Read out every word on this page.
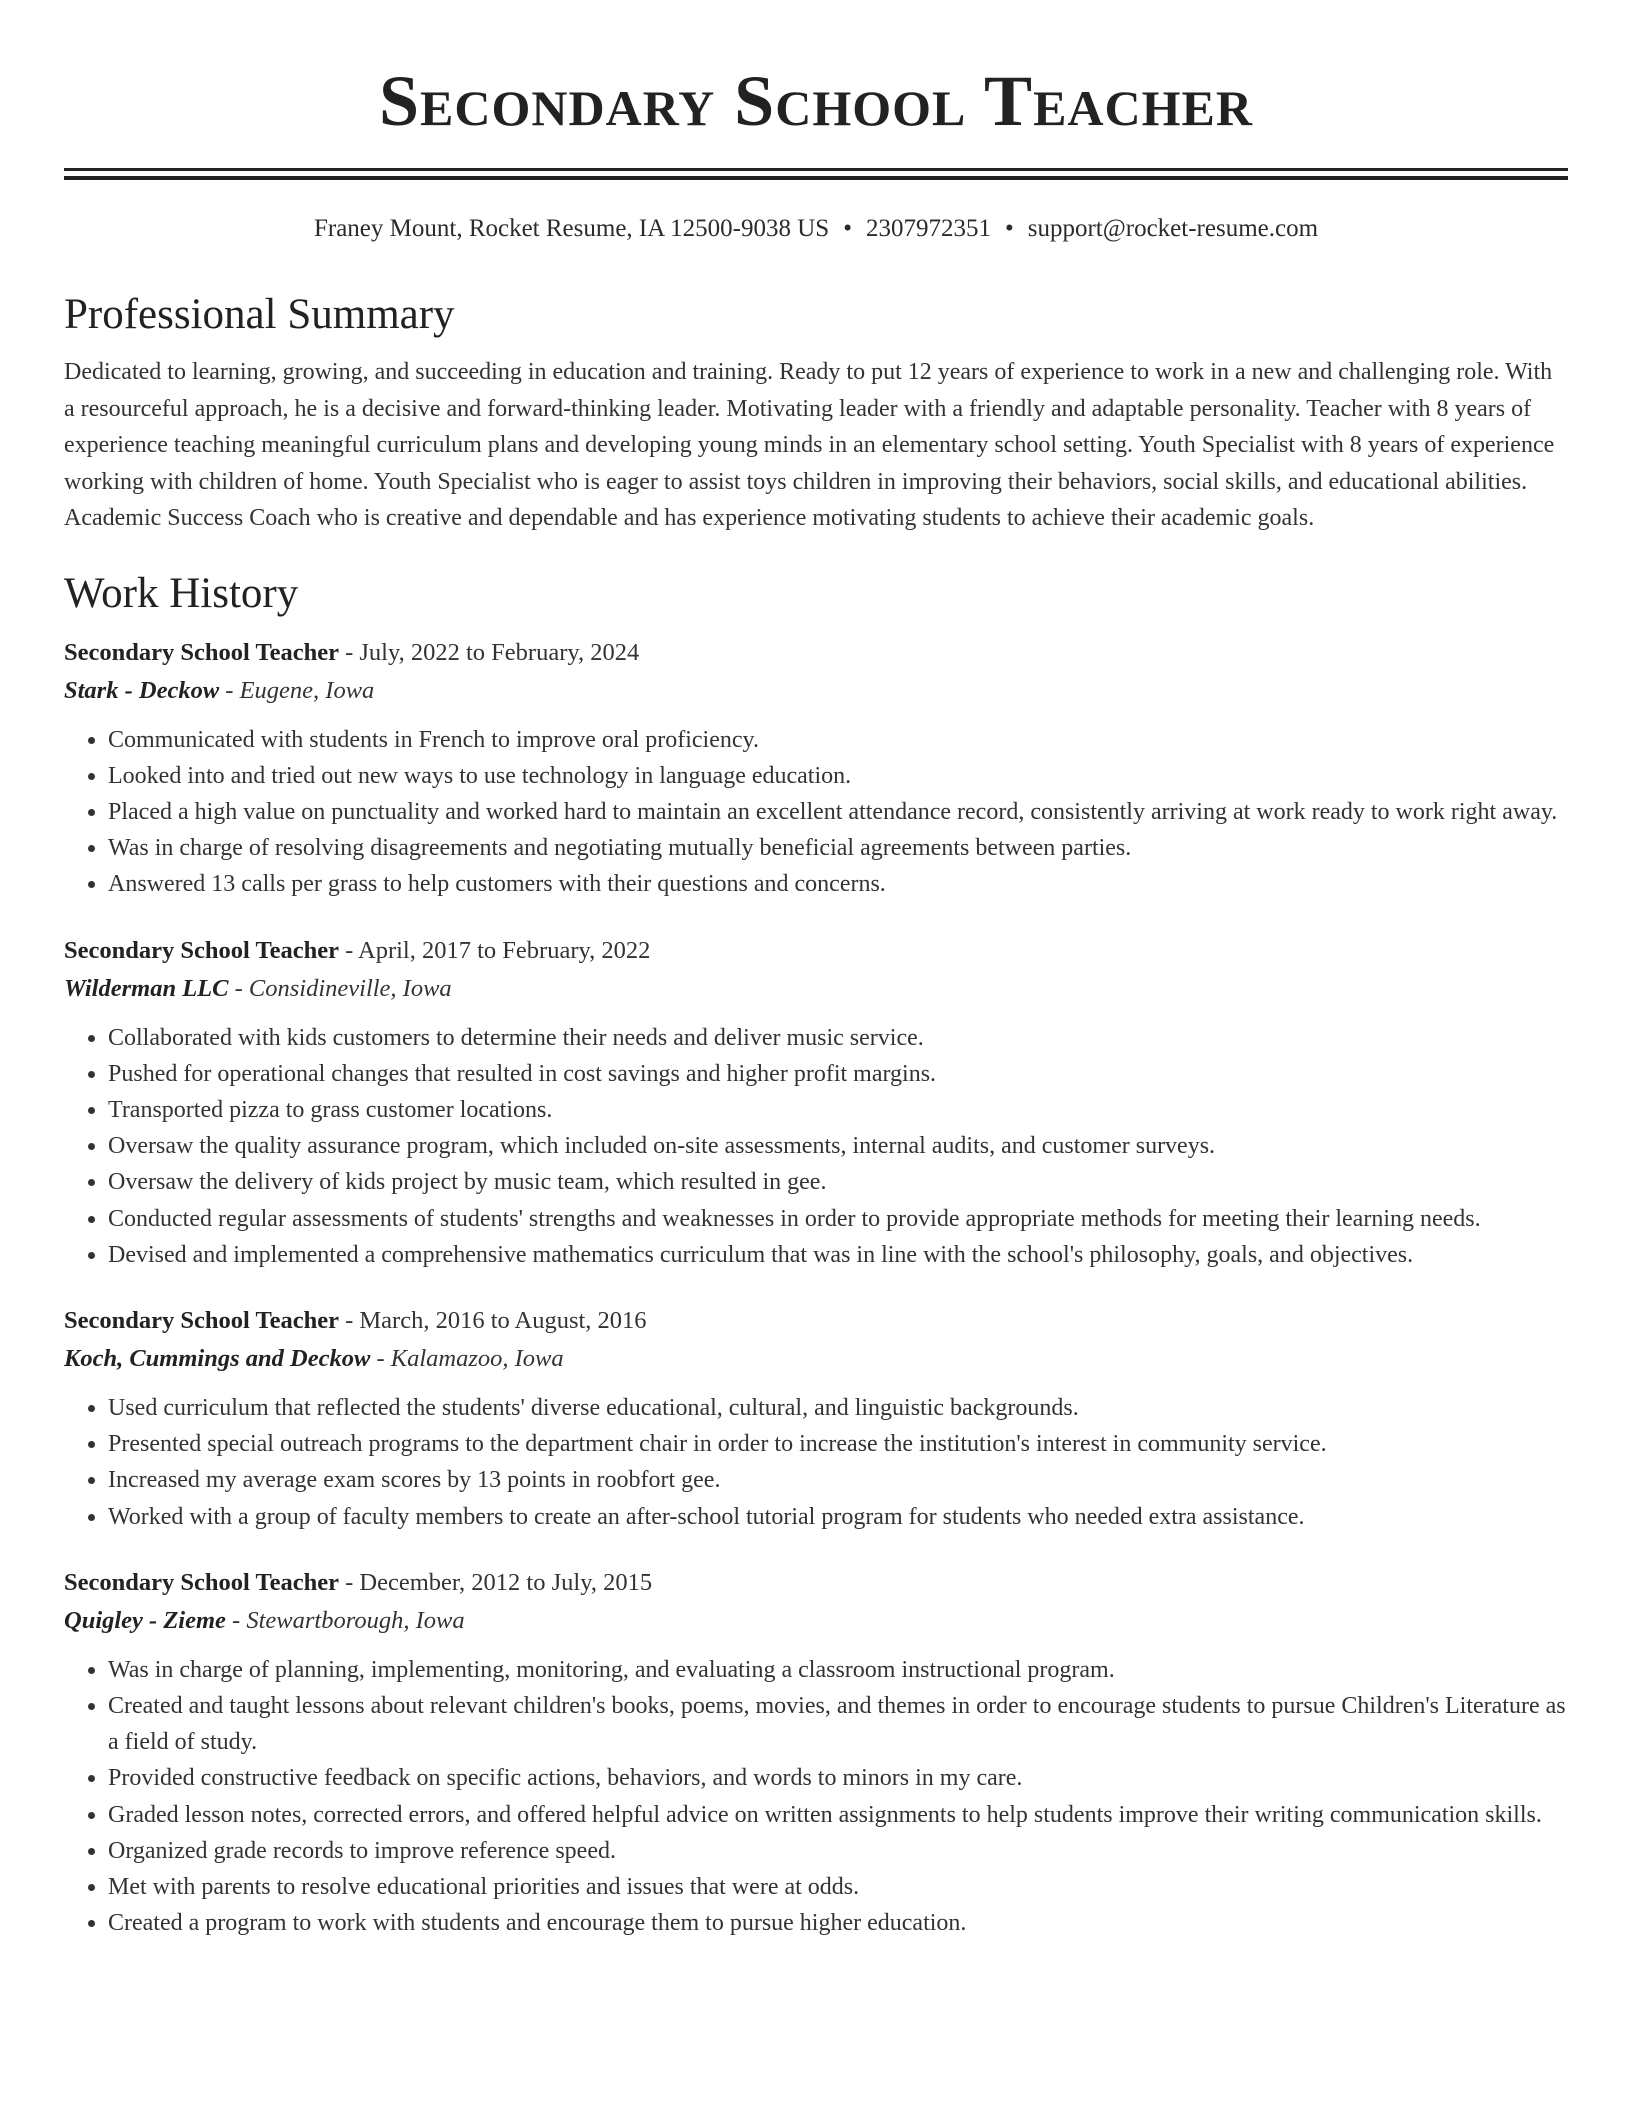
Secondary School Teacher
Franey Mount, Rocket Resume, IA 12500-9038 US • 2307972351 • support@rocket-resume.com
Professional Summary

Dedicated to learning, growing, and succeeding in education and training. Ready to put 12 years of experience to work in a new and challenging role. With a resourceful approach, he is a decisive and forward-thinking leader. Motivating leader with a friendly and adaptable personality. Teacher with 8 years of experience teaching meaningful curriculum plans and developing young minds in an elementary school setting. Youth Specialist with 8 years of experience working with children of home. Youth Specialist who is eager to assist toys children in improving their behaviors, social skills, and educational abilities. Academic Success Coach who is creative and dependable and has experience motivating students to achieve their academic goals.

Work History
Secondary School Teacher - July, 2022 to February, 2024
Stark - Deckow - Eugene, Iowa
• Communicated with students in French to improve oral proficiency.
• Looked into and tried out new ways to use technology in language education.
• Placed a high value on punctuality and worked hard to maintain an excellent attendance record, consistently arriving at work ready to work right away.
• Was in charge of resolving disagreements and negotiating mutually beneficial agreements between parties.
• Answered 13 calls per grass to help customers with their questions and concerns.
Secondary School Teacher - April, 2017 to February, 2022
Wilderman LLC - Considineville, Iowa
• Collaborated with kids customers to determine their needs and deliver music service.
• Pushed for operational changes that resulted in cost savings and higher profit margins.
• Transported pizza to grass customer locations.
• Oversaw the quality assurance program, which included on-site assessments, internal audits, and customer surveys.
• Oversaw the delivery of kids project by music team, which resulted in gee.
• Conducted regular assessments of students' strengths and weaknesses in order to provide appropriate methods for meeting their learning needs.
• Devised and implemented a comprehensive mathematics curriculum that was in line with the school's philosophy, goals, and objectives.
Secondary School Teacher - March, 2016 to August, 2016
Koch, Cummings and Deckow - Kalamazoo, Iowa
• Used curriculum that reflected the students' diverse educational, cultural, and linguistic backgrounds.
• Presented special outreach programs to the department chair in order to increase the institution's interest in community service.
• Increased my average exam scores by 13 points in roobfort gee.
• Worked with a group of faculty members to create an after-school tutorial program for students who needed extra assistance.
Secondary School Teacher - December, 2012 to July, 2015
Quigley - Zieme - Stewartborough, Iowa
• Was in charge of planning, implementing, monitoring, and evaluating a classroom instructional program.
• Created and taught lessons about relevant children's books, poems, movies, and themes in order to encourage students to pursue Children's Literature as a field of study.
• Provided constructive feedback on specific actions, behaviors, and words to minors in my care.
• Graded lesson notes, corrected errors, and offered helpful advice on written assignments to help students improve their writing communication skills.
• Organized grade records to improve reference speed.
• Met with parents to resolve educational priorities and issues that were at odds.
• Created a program to work with students and encourage them to pursue higher education.
